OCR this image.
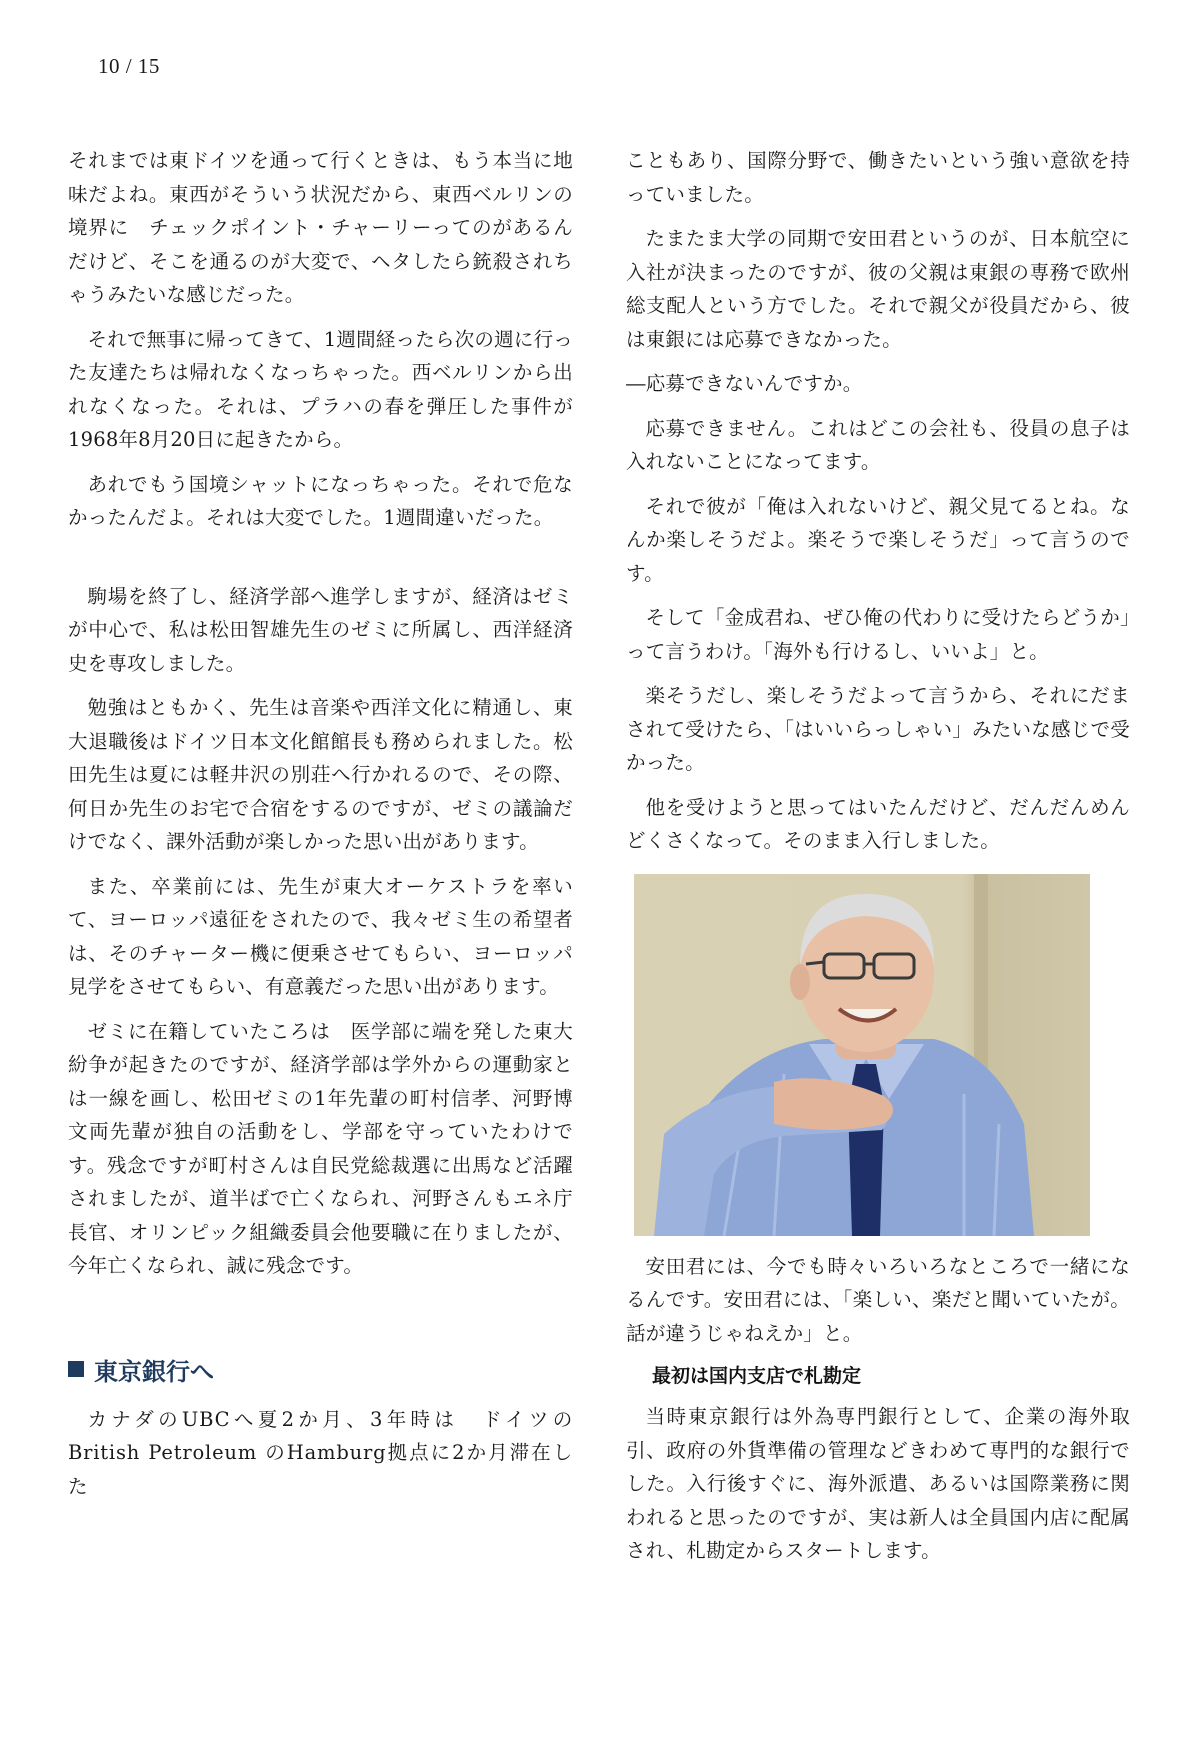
10 / 15

それまでは東ドイツを通って行くときは、もう本当に地味だよね。東西がそういう状況だから、東西ベルリンの境界に　チェックポイント・チャーリーってのがあるんだけど、そこを通るのが大変で、ヘタしたら銃殺されちゃうみたいな感じだった。

それで無事に帰ってきて、1週間経ったら次の週に行った友達たちは帰れなくなっちゃった。西ベルリンから出れなくなった。それは、プラハの春を弾圧した事件が1968年8月20日に起きたから。

あれでもう国境シャットになっちゃった。それで危なかったんだよ。それは大変でした。1週間違いだった。

駒場を終了し、経済学部へ進学しますが、経済はゼミが中心で、私は松田智雄先生のゼミに所属し、西洋経済史を専攻しました。

勉強はともかく、先生は音楽や西洋文化に精通し、東大退職後はドイツ日本文化館館長も務められました。松田先生は夏には軽井沢の別荘へ行かれるので、その際、何日か先生のお宅で合宿をするのですが、ゼミの議論だけでなく、課外活動が楽しかった思い出があります。

また、卒業前には、先生が東大オーケストラを率いて、ヨーロッパ遠征をされたので、我々ゼミ生の希望者は、そのチャーター機に便乗させてもらい、ヨーロッパ見学をさせてもらい、有意義だった思い出があります。

ゼミに在籍していたころは　医学部に端を発した東大紛争が起きたのですが、経済学部は学外からの運動家とは一線を画し、松田ゼミの1年先輩の町村信孝、河野博文両先輩が独自の活動をし、学部を守っていたわけです。残念ですが町村さんは自民党総裁選に出馬など活躍されましたが、道半ばで亡くなられ、河野さんもエネ庁長官、オリンピック組織委員会他要職に在りましたが、今年亡くなられ、誠に残念です。

東京銀行へ

カナダのUBCへ夏2か月、3年時は　ドイツのBritish Petroleum のHamburg拠点に2か月滞在した

こともあり、国際分野で、働きたいという強い意欲を持っていました。

たまたま大学の同期で安田君というのが、日本航空に入社が決まったのですが、彼の父親は東銀の専務で欧州総支配人という方でした。それで親父が役員だから、彼は東銀には応募できなかった。

―応募できないんですか。

応募できません。これはどこの会社も、役員の息子は入れないことになってます。

それで彼が「俺は入れないけど、親父見てるとね。なんか楽しそうだよ。楽そうで楽しそうだ」って言うのです。

そして「金成君ね、ぜひ俺の代わりに受けたらどうか」って言うわけ。「海外も行けるし、いいよ」と。

楽そうだし、楽しそうだよって言うから、それにだまされて受けたら、「はいいらっしゃい」みたいな感じで受かった。

他を受けようと思ってはいたんだけど、だんだんめんどくさくなって。そのまま入行しました。

安田君には、今でも時々いろいろなところで一緒になるんです。安田君には、「楽しい、楽だと聞いていたが。話が違うじゃねえか」と。

最初は国内支店で札勘定

当時東京銀行は外為専門銀行として、企業の海外取引、政府の外貨準備の管理などきわめて専門的な銀行でした。入行後すぐに、海外派遣、あるいは国際業務に関われると思ったのですが、実は新人は全員国内店に配属され、札勘定からスタートします。
